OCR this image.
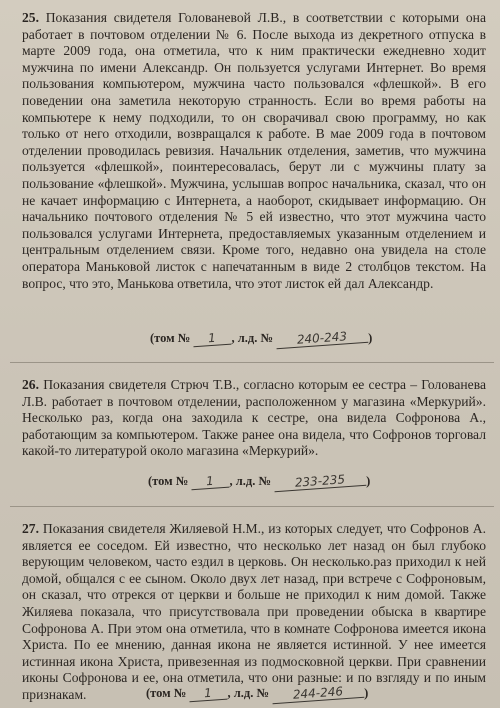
25. Показания свидетеля Голованевой Л.В., в соответствии с которыми она работает в почтовом отделении № 6. После выхода из декретного отпуска в марте 2009 года, она отметила, что к ним практически ежедневно ходит мужчина по имени Александр. Он пользуется услугами Интернет. Во время пользования компьютером, мужчина часто пользовался «флешкой». В его поведении она заметила некоторую странность. Если во время работы на компьютере к нему подходили, то он сворачивал свою программу, но как только от него отходили, возвращался к работе. В мае 2009 года в почтовом отделении проводилась ревизия. Начальник отделения, заметив, что мужчина пользуется «флешкой», поинтересовалась, берут ли с мужчины плату за пользование «флешкой». Мужчина, услышав вопрос начальника, сказал, что он не качает информацию с Интернета, а наоборот, скидывает информацию. Он начальнико почтового отделения № 5 ей известно, что этот мужчина часто пользовался услугами Интернета, предоставляемых указанным отделением и центральным отделением связи. Кроме того, недавно она увидела на столе оператора Маньковой листок с напечатанным в виде 2 столбцов текстом. На вопрос, что это, Манькова ответила, что этот листок ей дал Александр.

(том № 1 , л.д. № 240-243 )

26. Показания свидетеля Стрюч Т.В., согласно которым ее сестра – Голованева Л.В. работает в почтовом отделении, расположенном у магазина «Меркурий». Несколько раз, когда она заходила к сестре, она видела Софронова А., работающим за компьютером. Также ранее она видела, что Софронов торговал какой-то литературой около магазина «Меркурий».

(том № 1 , л.д. № 233-235 )

27. Показания свидетеля Жиляевой Н.М., из которых следует, что Софронов А. является ее соседом. Ей известно, что несколько лет назад он был глубоко верующим человеком, часто ездил в церковь. Он несколько.раз приходил к ней домой, общался с ее сыном. Около двух лет назад, при встрече с Софроновым, он сказал, что отрекся от церкви и больше не приходил к ним домой. Также Жиляева показала, что присутствовала при проведении обыска в квартире Софронова А. При этом она отметила, что в комнате Софронова имеется икона Христа. По ее мнению, данная икона не является истинной. У нее имеется истинная икона Христа, привезенная из подмосковной церкви. При сравнении иконы Софронова и ее, она отметила, что они разные: и по взгляду и по иным признакам.	(том № 1 , л.д. № 244-246 )
